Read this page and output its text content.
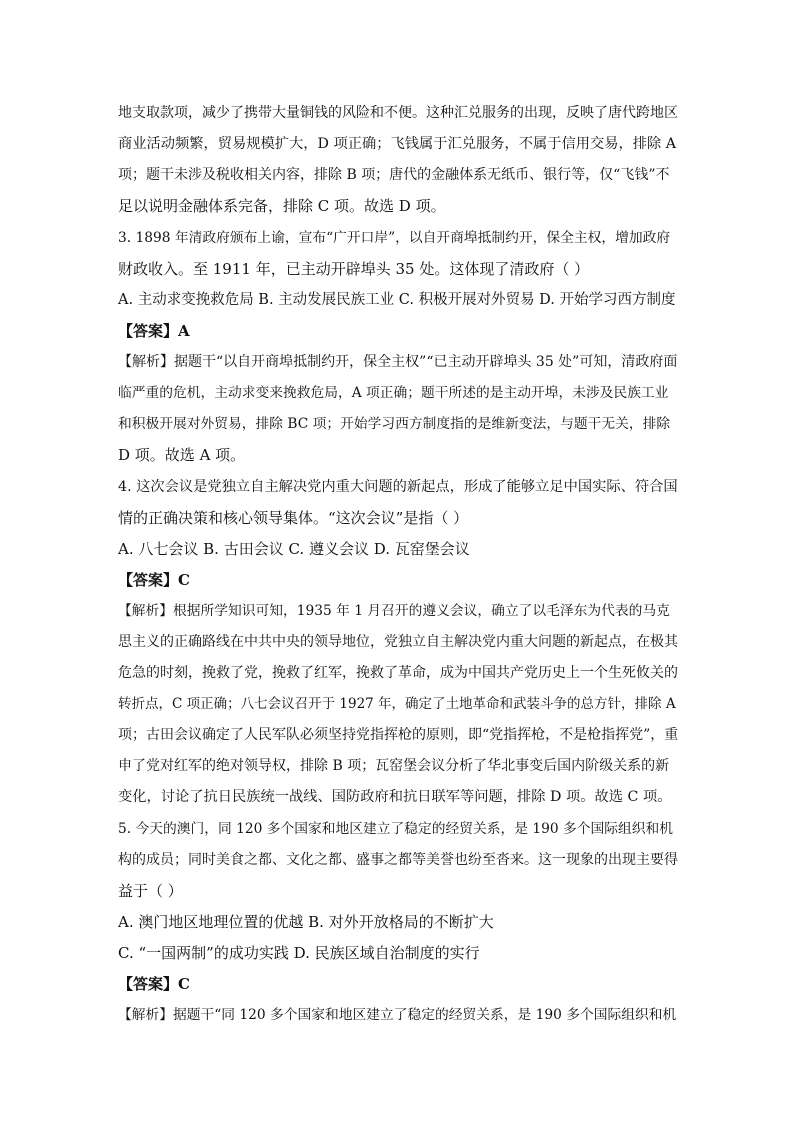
地支取款项，减少了携带大量铜钱的风险和不便。这种汇兑服务的出现，反映了唐代跨地区
商业活动频繁，贸易规模扩大，D 项正确；飞钱属于汇兑服务，不属于信用交易，排除 A
项；题干未涉及税收相关内容，排除 B 项；唐代的金融体系无纸币、银行等，仅“飞钱”不
足以说明金融体系完备，排除 C 项。故选 D 项。
3. 1898 年清政府颁布上谕，宣布“广开口岸”，以自开商埠抵制约开，保全主权，增加政府
财政收入。至 1911 年，已主动开辟埠头 35 处。这体现了清政府（ ）
A. 主动求变挽救危局 B. 主动发展民族工业 C. 积极开展对外贸易 D. 开始学习西方制度
【答案】A
【解析】据题干“以自开商埠抵制约开，保全主权”“已主动开辟埠头 35 处”可知，清政府面
临严重的危机，主动求变来挽救危局，A 项正确；题干所述的是主动开埠，未涉及民族工业
和积极开展对外贸易，排除 BC 项；开始学习西方制度指的是维新变法，与题干无关，排除
D 项。故选 A 项。
4. 这次会议是党独立自主解决党内重大问题的新起点，形成了能够立足中国实际、符合国
情的正确决策和核心领导集体。“这次会议”是指（ ）
A. 八七会议 B. 古田会议 C. 遵义会议 D. 瓦窑堡会议
【答案】C
【解析】根据所学知识可知，1935 年 1 月召开的遵义会议，确立了以毛泽东为代表的马克
思主义的正确路线在中共中央的领导地位，党独立自主解决党内重大问题的新起点，在极其
危急的时刻，挽救了党，挽救了红军，挽救了革命，成为中国共产党历史上一个生死攸关的
转折点，C 项正确；八七会议召开于 1927 年，确定了土地革命和武装斗争的总方针，排除 A
项；古田会议确定了人民军队必须坚持党指挥枪的原则，即“党指挥枪，不是枪指挥党”，重
申了党对红军的绝对领导权，排除 B 项；瓦窑堡会议分析了华北事变后国内阶级关系的新
变化，讨论了抗日民族统一战线、国防政府和抗日联军等问题，排除 D 项。故选 C 项。
5. 今天的澳门，同 120 多个国家和地区建立了稳定的经贸关系，是 190 多个国际组织和机
构的成员；同时美食之都、文化之都、盛事之都等美誉也纷至沓来。这一现象的出现主要得
益于（ ）
A. 澳门地区地理位置的优越 B. 对外开放格局的不断扩大
C. “一国两制”的成功实践 D. 民族区域自治制度的实行
【答案】C
【解析】据题干“同 120 多个国家和地区建立了稳定的经贸关系，是 190 多个国际组织和机
